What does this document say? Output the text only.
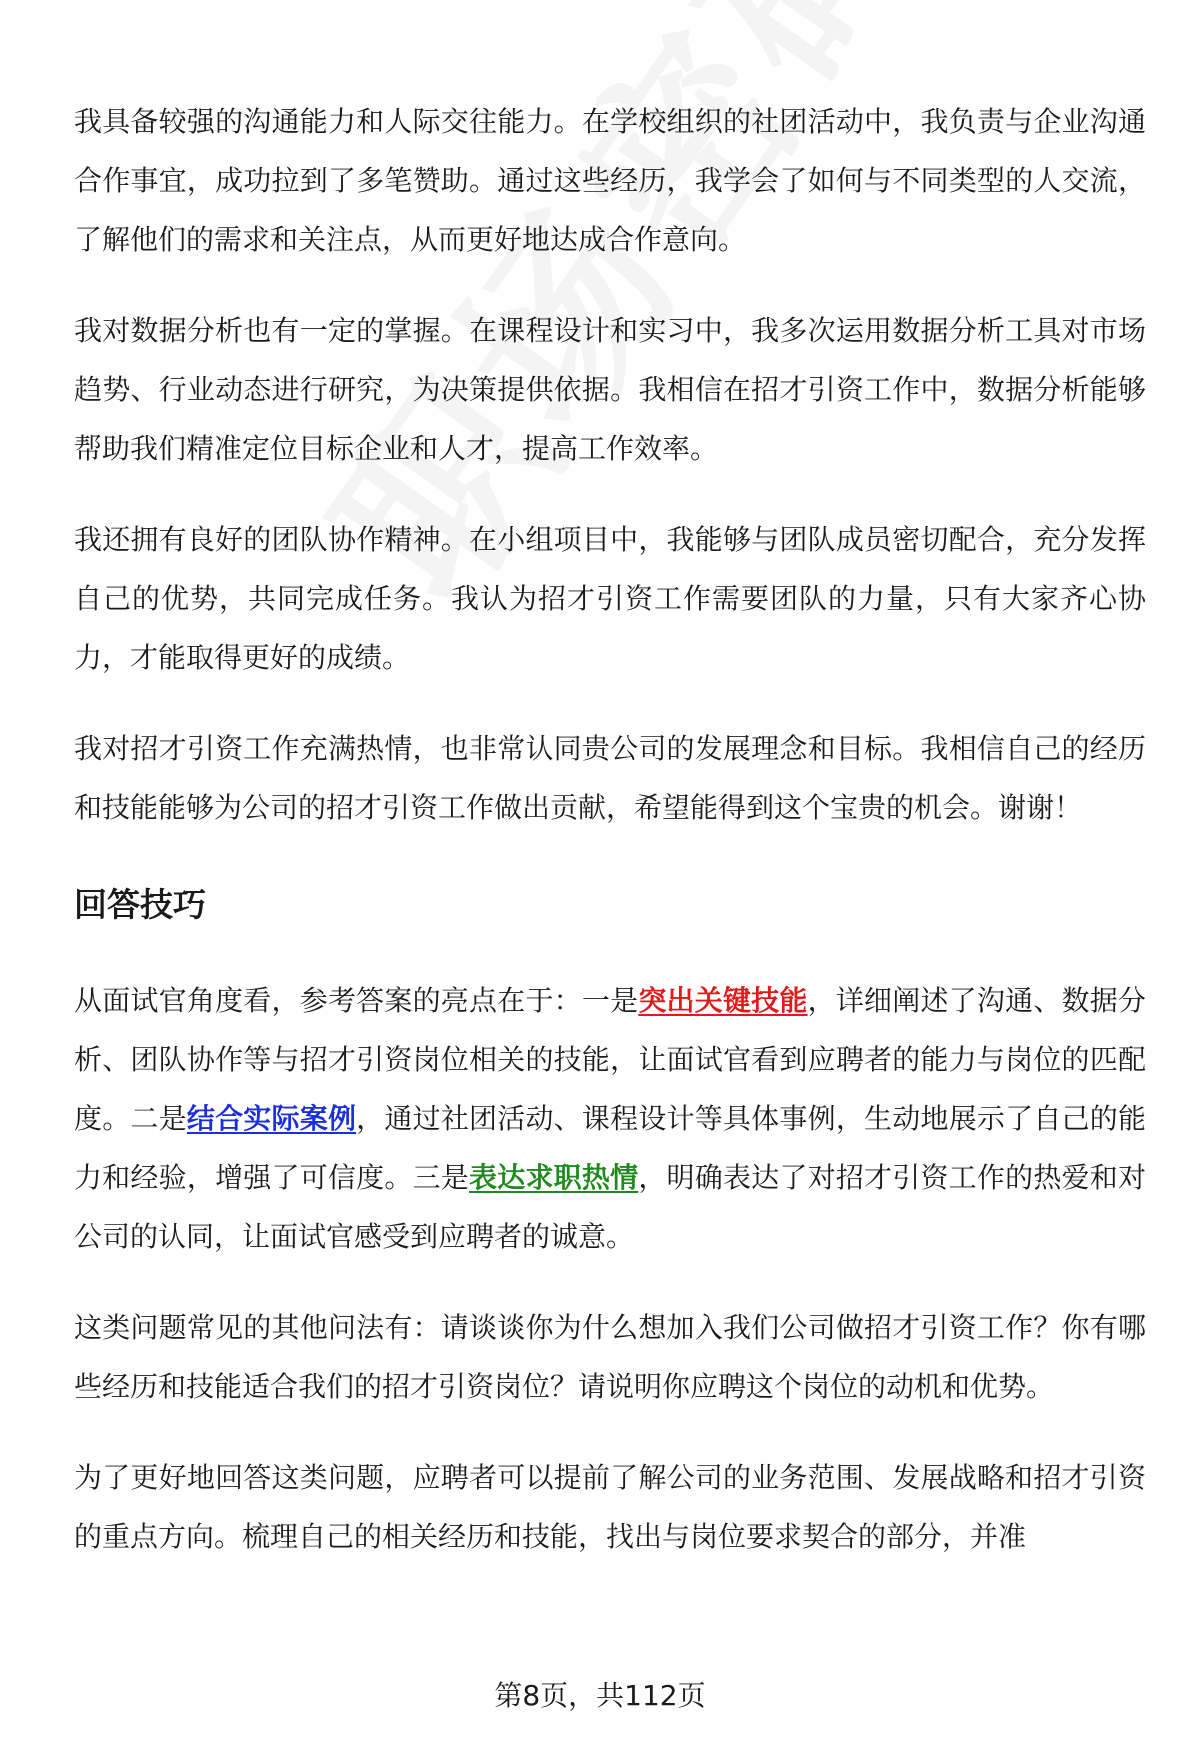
我具备较强的沟通能力和人际交往能力。在学校组织的社团活动中，我负责与企业沟通合作事宜，成功拉到了多笔赞助。通过这些经历，我学会了如何与不同类型的人交流，了解他们的需求和关注点，从而更好地达成合作意向。

我对数据分析也有一定的掌握。在课程设计和实习中，我多次运用数据分析工具对市场趋势、行业动态进行研究，为决策提供依据。我相信在招才引资工作中，数据分析能够帮助我们精准定位目标企业和人才，提高工作效率。

我还拥有良好的团队协作精神。在小组项目中，我能够与团队成员密切配合，充分发挥自己的优势，共同完成任务。我认为招才引资工作需要团队的力量，只有大家齐心协力，才能取得更好的成绩。

我对招才引资工作充满热情，也非常认同贵公司的发展理念和目标。我相信自己的经历和技能能够为公司的招才引资工作做出贡献，希望能得到这个宝贵的机会。谢谢！

回答技巧

从面试官角度看，参考答案的亮点在于：一是突出关键技能，详细阐述了沟通、数据分析、团队协作等与招才引资岗位相关的技能，让面试官看到应聘者的能力与岗位的匹配度。二是结合实际案例，通过社团活动、课程设计等具体事例，生动地展示了自己的能力和经验，增强了可信度。三是表达求职热情，明确表达了对招才引资工作的热爱和对公司的认同，让面试官感受到应聘者的诚意。

这类问题常见的其他问法有：请谈谈你为什么想加入我们公司做招才引资工作？你有哪些经历和技能适合我们的招才引资岗位？请说明你应聘这个岗位的动机和优势。

为了更好地回答这类问题，应聘者可以提前了解公司的业务范围、发展战略和招才引资的重点方向。梳理自己的相关经历和技能，找出与岗位要求契合的部分，并准

第8页，共112页
